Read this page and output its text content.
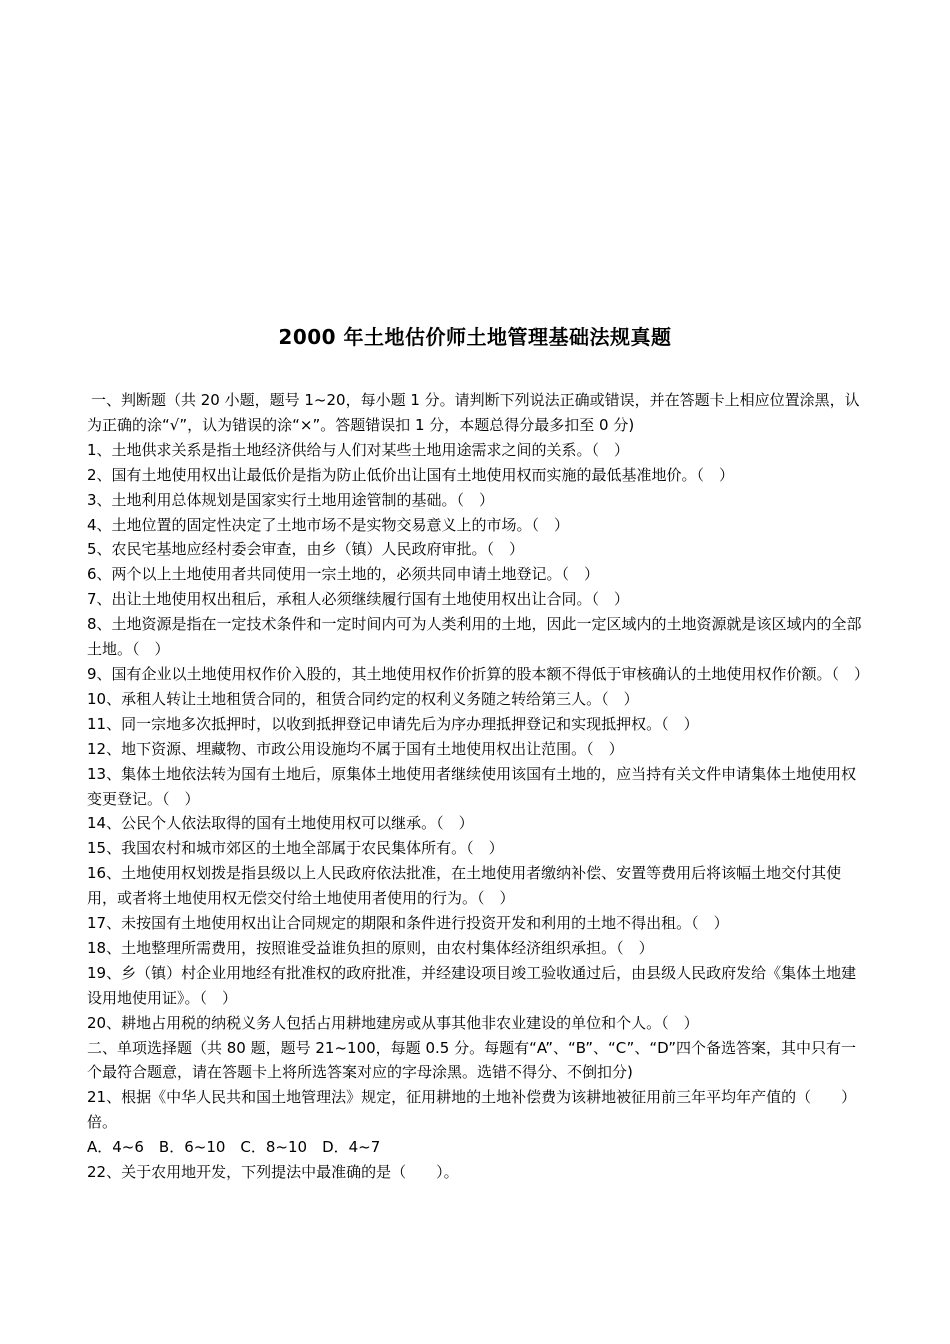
2000 年土地估价师土地管理基础法规真题

一、判断题（共 20 小题，题号 1~20，每小题 1 分。请判断下列说法正确或错误，并在答题卡上相应位置涂黑，认为正确的涂“√”，认为错误的涂“×”。答题错误扣 1 分，本题总得分最多扣至 0 分)

1、土地供求关系是指土地经济供给与人们对某些土地用途需求之间的关系。（　）

2、国有土地使用权出让最低价是指为防止低价出让国有土地使用权而实施的最低基准地价。（　）

3、土地利用总体规划是国家实行土地用途管制的基础。（　）

4、土地位置的固定性决定了土地市场不是实物交易意义上的市场。（　）

5、农民宅基地应经村委会审查，由乡（镇）人民政府审批。（　）

6、两个以上土地使用者共同使用一宗土地的，必须共同申请土地登记。（　）

7、出让土地使用权出租后，承租人必须继续履行国有土地使用权出让合同。（　）

8、土地资源是指在一定技术条件和一定时间内可为人类利用的土地，因此一定区域内的土地资源就是该区域内的全部土地。（　）

9、国有企业以土地使用权作价入股的，其土地使用权作价折算的股本额不得低于审核确认的土地使用权作价额。（　）

10、承租人转让土地租赁合同的，租赁合同约定的权利义务随之转给第三人。（　）

11、同一宗地多次抵押时，以收到抵押登记申请先后为序办理抵押登记和实现抵押权。（　）

12、地下资源、埋藏物、市政公用设施均不属于国有土地使用权出让范围。（　）

13、集体土地依法转为国有土地后，原集体土地使用者继续使用该国有土地的，应当持有关文件申请集体土地使用权变更登记。（　）

14、公民个人依法取得的国有土地使用权可以继承。（　）

15、我国农村和城市郊区的土地全部属于农民集体所有。（　）

16、土地使用权划拨是指县级以上人民政府依法批准，在土地使用者缴纳补偿、安置等费用后将该幅土地交付其使用，或者将土地使用权无偿交付给土地使用者使用的行为。（　）

17、未按国有土地使用权出让合同规定的期限和条件进行投资开发和利用的土地不得出租。（　）

18、土地整理所需费用，按照谁受益谁负担的原则，由农村集体经济组织承担。（　）

19、乡（镇）村企业用地经有批准权的政府批准，并经建设项目竣工验收通过后，由县级人民政府发给《集体土地建设用地使用证》。（　）

20、耕地占用税的纳税义务人包括占用耕地建房或从事其他非农业建设的单位和个人。（　）

二、单项选择题（共 80 题，题号 21~100，每题 0.5 分。每题有“A”、“B”、“C”、“D”四个备选答案，其中只有一个最符合题意，请在答题卡上将所选答案对应的字母涂黑。选错不得分、不倒扣分)

21、根据《中华人民共和国土地管理法》规定，征用耕地的土地补偿费为该耕地被征用前三年平均年产值的（　　）倍。

A．4~6　B．6~10　C．8~10　D．4~7

22、关于农用地开发，下列提法中最准确的是（　　）。
